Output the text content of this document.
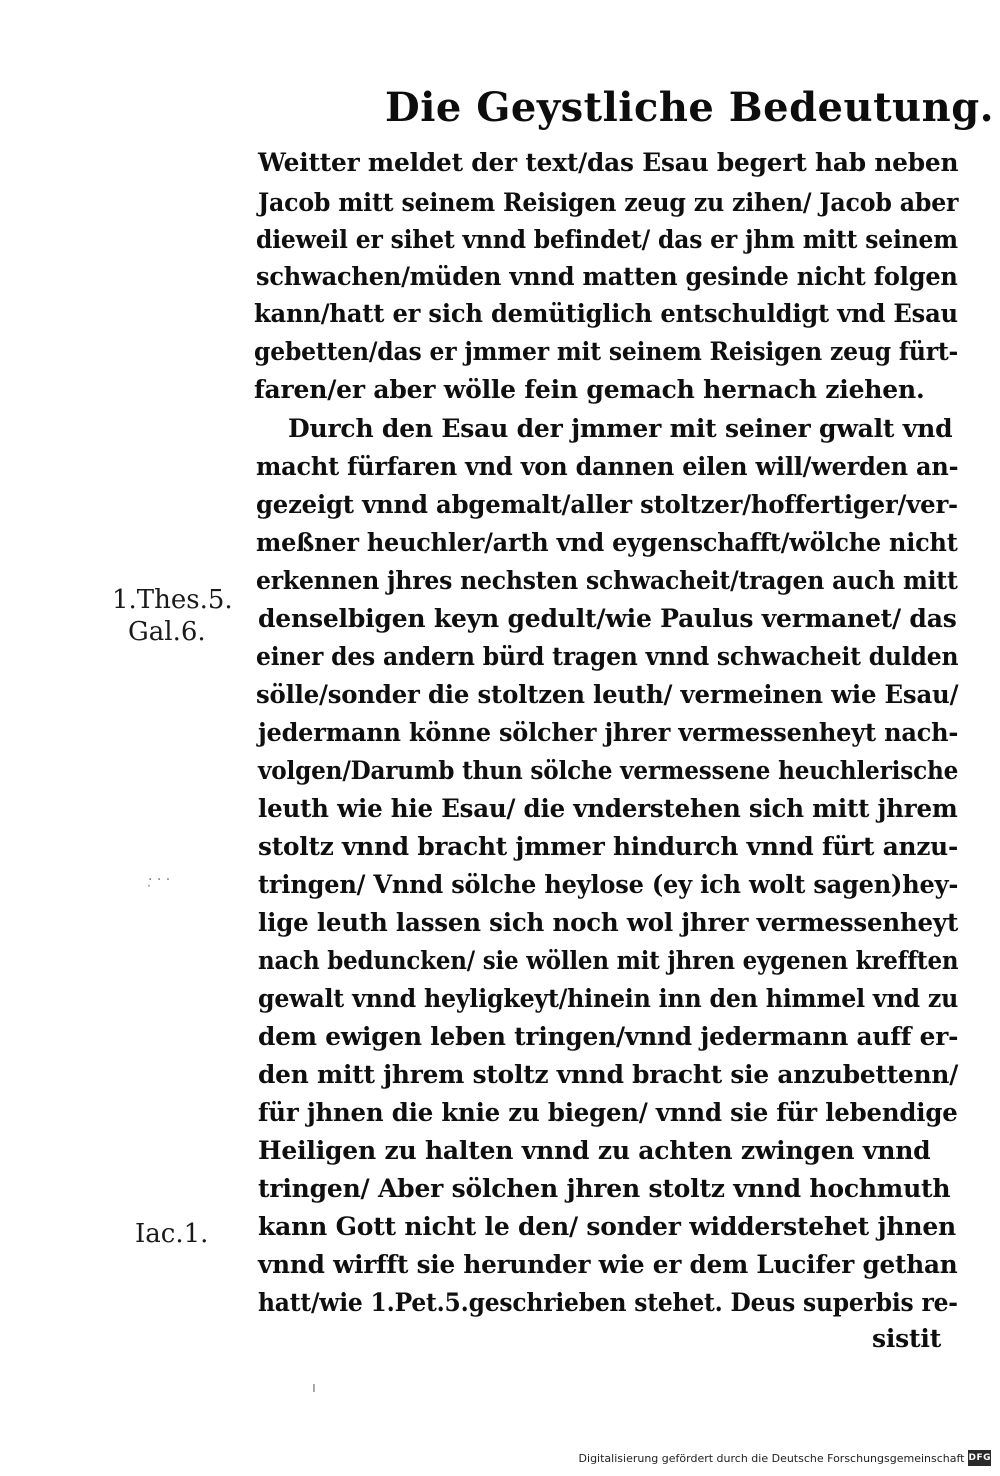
Die Geystliche Bedeutung.
Weitter meldet der text/das Esau begert hab neben
Jacob mitt seinem Reisigen zeug zu zihen/ Jacob aber
dieweil er sihet vnnd befindet/ das er jhm mitt seinem
schwachen/müden vnnd matten gesinde nicht folgen
kann/hatt er sich demütiglich entschuldigt vnd Esau
gebetten/das er jmmer mit seinem Reisigen zeug fürt-
faren/er aber wölle fein gemach hernach ziehen.
Durch den Esau der jmmer mit seiner gwalt vnd
macht fürfaren vnd von dannen eilen will/werden an-
gezeigt vnnd abgemalt/aller stoltzer/hoffertiger/ver-
meßner heuchler/arth vnd eygenschafft/wölche nicht
erkennen jhres nechsten schwacheit/tragen auch mitt
denselbigen keyn gedult/wie Paulus vermanet/ das
einer des andern bürd tragen vnnd schwacheit dulden
sölle/sonder die stoltzen leuth/ vermeinen wie Esau/
jedermann könne sölcher jhrer vermessenheyt nach-
volgen/Darumb thun sölche vermessene heuchlerische
leuth wie hie Esau/ die vnderstehen sich mitt jhrem
stoltz vnnd bracht jmmer hindurch vnnd fürt anzu-
tringen/ Vnnd sölche heylose (ey ich wolt sagen)hey-
lige leuth lassen sich noch wol jhrer vermessenheyt
nach beduncken/ sie wöllen mit jhren eygenen krefften
gewalt vnnd heyligkeyt/hinein inn den himmel vnd zu
dem ewigen leben tringen/vnnd jedermann auff er-
den mitt jhrem stoltz vnnd bracht sie anzubettenn/
für jhnen die knie zu biegen/ vnnd sie für lebendige
Heiligen zu halten vnnd zu achten zwingen vnnd
tringen/ Aber sölchen jhren stoltz vnnd hochmuth
kann Gott nicht le den/ sonder widderstehet jhnen
vnnd wirfft sie herunder wie er dem Lucifer gethan
hatt/wie 1.Pet.5.geschrieben stehet. Deus superbis re-
sistit
1.Thes.5.
Gal.6.
Iac.1.
·̣ · ·
ı
Digitalisierung gefördert durch die Deutsche Forschungsgemeinschaft DFG
